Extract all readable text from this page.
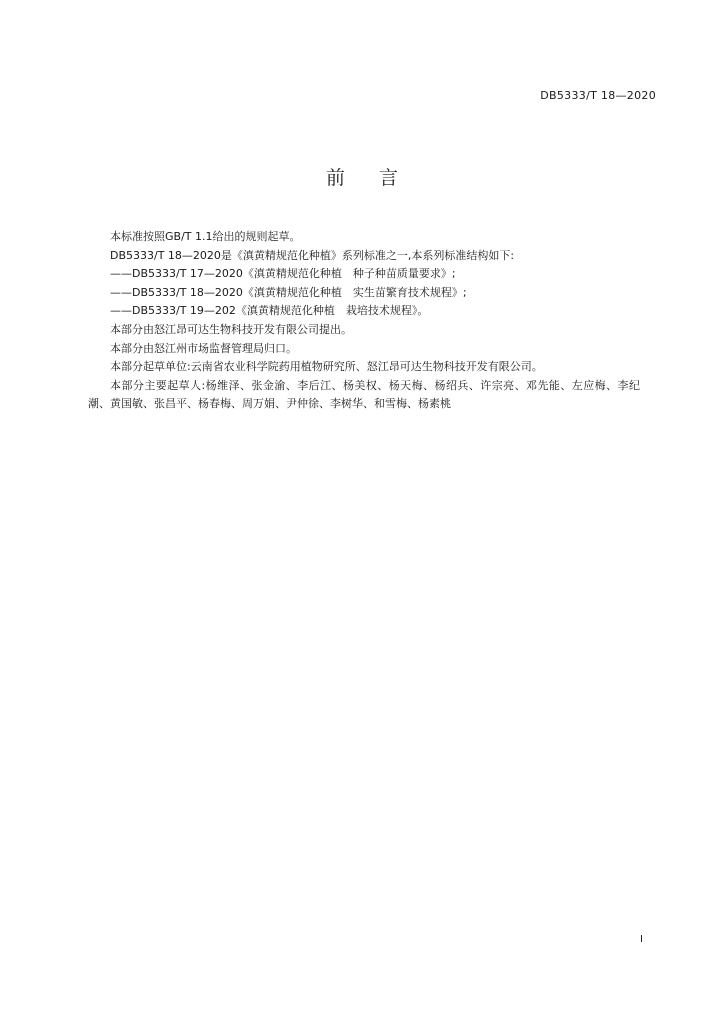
DB5333/T 18—2020
前言

本标准按照GB/T 1.1给出的规则起草。

DB5333/T 18—2020是《滇黄精规范化种植》系列标准之一,本系列标准结构如下:

——DB5333/T 17—2020《滇黄精规范化种植　种子种苗质量要求》;

——DB5333/T 18—2020《滇黄精规范化种植　实生苗繁育技术规程》;

——DB5333/T 19—202《滇黄精规范化种植　栽培技术规程》。

本部分由怒江昂可达生物科技开发有限公司提出。

本部分由怒江州市场监督管理局归口。

本部分起草单位:云南省农业科学院药用植物研究所、怒江昂可达生物科技开发有限公司。

本部分主要起草人:杨维泽、张金渝、李后江、杨美权、杨天梅、杨绍兵、许宗亮、邓先能、左应梅、李纪潮、黄国敏、张昌平、杨春梅、周万娟、尹仲徐、李树华、和雪梅、杨素桃

I
